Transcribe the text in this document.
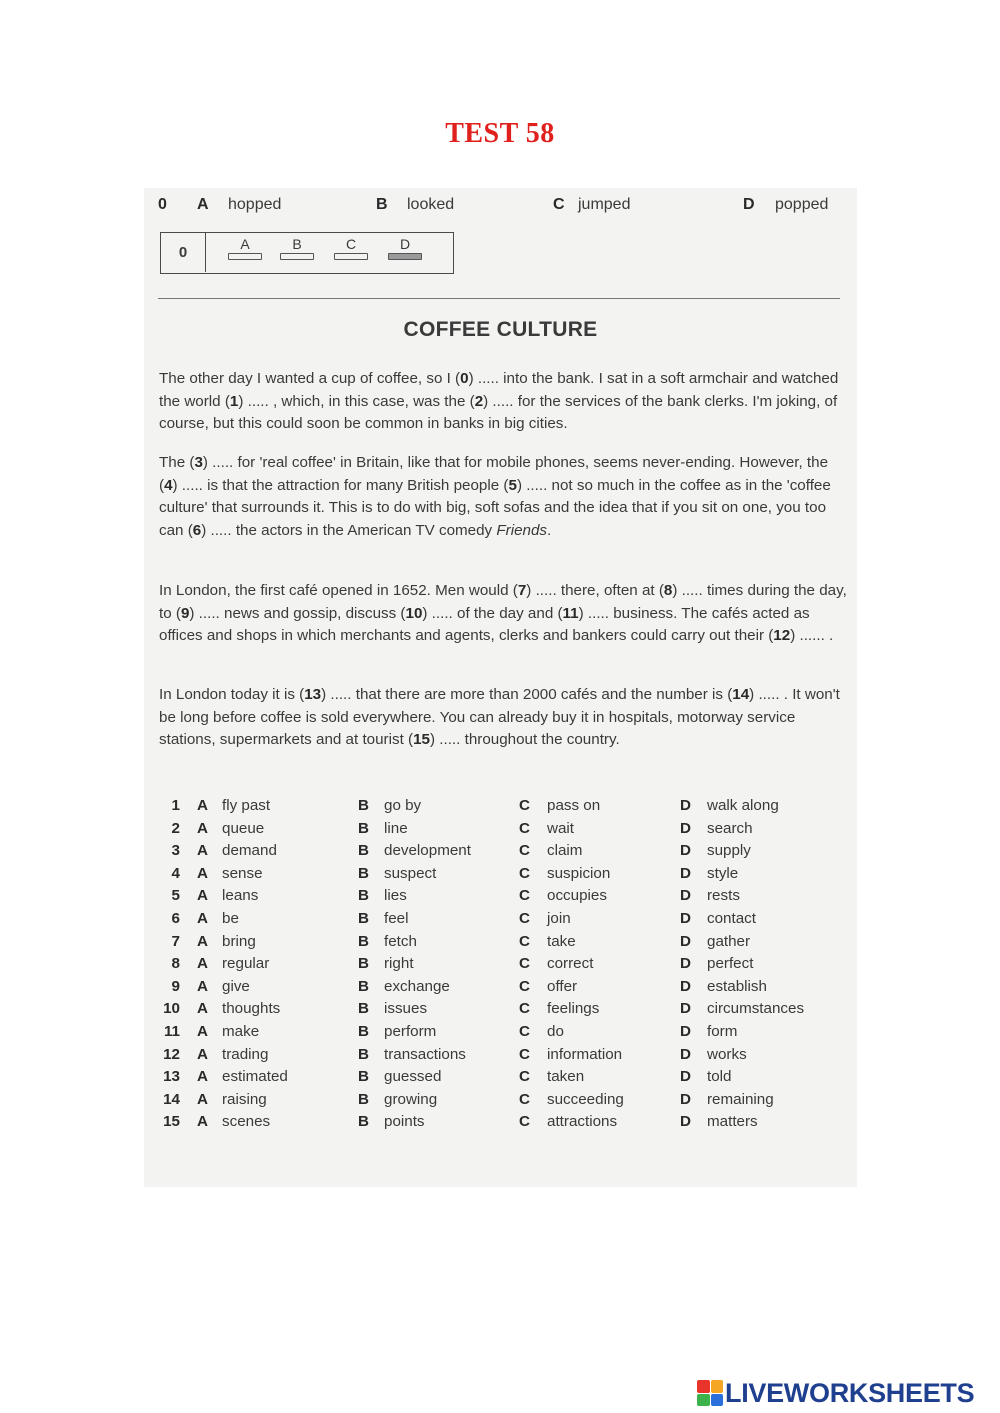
TEST 58
0 A hopped	B looked	C jumped	D popped
0	A	B	C	D
COFFEE CULTURE

The other day I wanted a cup of coffee, so I (0) ..... into the bank. I sat in a soft armchair and watched the world (1) ..... , which, in this case, was the (2) ..... for the services of the bank clerks. I'm joking, of course, but this could soon be common in banks in big cities.

The (3) ..... for 'real coffee' in Britain, like that for mobile phones, seems never-ending. However, the (4) ..... is that the attraction for many British people (5) ..... not so much in the coffee as in the 'coffee culture' that surrounds it. This is to do with big, soft sofas and the idea that if you sit on one, you too can (6) ..... the actors in the American TV comedy Friends.

In London, the first café opened in 1652. Men would (7) ..... there, often at (8) ..... times during the day, to (9) ..... news and gossip, discuss (10) ..... of the day and (11) ..... business. The cafés acted as offices and shops in which merchants and agents, clerks and bankers could carry out their (12) ...... .

In London today it is (13) ..... that there are more than 2000 cafés and the number is (14) ..... . It won't be long before coffee is sold everywhere. You can already buy it in hospitals, motorway service stations, supermarkets and at tourist (15) ..... throughout the country.

1 A fly past	B go by	C pass on	D walk along
2 A queue	B line	C wait	D search
3 A demand	B development	C claim	D supply
4 A sense	B suspect	C suspicion	D style
5 A leans	B lies	C occupies	D rests
6 A be	B feel	C join	D contact
7 A bring	B fetch	C take	D gather
8 A regular	B right	C correct	D perfect
9 A give	B exchange	C offer	D establish
10 A thoughts	B issues	C feelings	D circumstances
11 A make	B perform	C do	D form
12 A trading	B transactions	C information	D works
13 A estimated	B guessed	C taken	D told
14 A raising	B growing	C succeeding	D remaining
15 A scenes	B points	C attractions	D matters
LIVEWORKSHEETS
